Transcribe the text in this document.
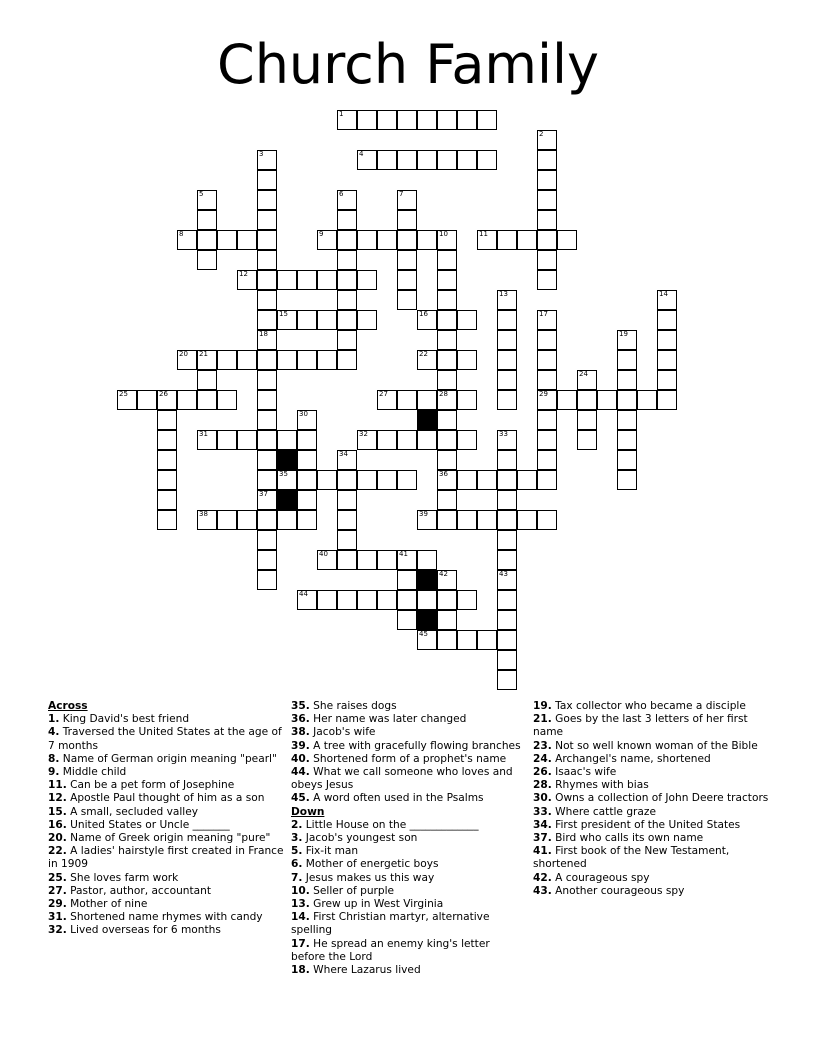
Church Family
1
4
8	9	11
12
15	16
20 21	22
25	26	27	28	29
31	32
35	36
38	39
40	41
44
45
2
3
18
37
5	6	7
10
13	14
17
19
24
30
33
34
42	43
Across
1. King David's best friend
4. Traversed the United States at the age of 7 months
8. Name of German origin meaning "pearl"
9. Middle child
11. Can be a pet form of Josephine
12. Apostle Paul thought of him as a son
15. A small, secluded valley
16. United States or Uncle _______
20. Name of Greek origin meaning "pure"
22. A ladies' hairstyle first created in France in 1909
25. She loves farm work
27. Pastor, author, accountant
29. Mother of nine
31. Shortened name rhymes with candy
32. Lived overseas for 6 months
35. She raises dogs
36. Her name was later changed
38. Jacob's wife
39. A tree with gracefully flowing branches
40. Shortened form of a prophet's name
44. What we call someone who loves and obeys Jesus
45. A word often used in the Psalms
Down
2. Little House on the _____________
3. Jacob's youngest son
5. Fix-it man
6. Mother of energetic boys
7. Jesus makes us this way
10. Seller of purple
13. Grew up in West Virginia
14. First Christian martyr, alternative spelling
17. He spread an enemy king's letter before the Lord
18. Where Lazarus lived
19. Tax collector who became a disciple
21. Goes by the last 3 letters of her first name
23. Not so well known woman of the Bible
24. Archangel's name, shortened
26. Isaac's wife
28. Rhymes with bias
30. Owns a collection of John Deere tractors
33. Where cattle graze
34. First president of the United States
37. Bird who calls its own name
41. First book of the New Testament, shortened
42. A courageous spy
43. Another courageous spy
